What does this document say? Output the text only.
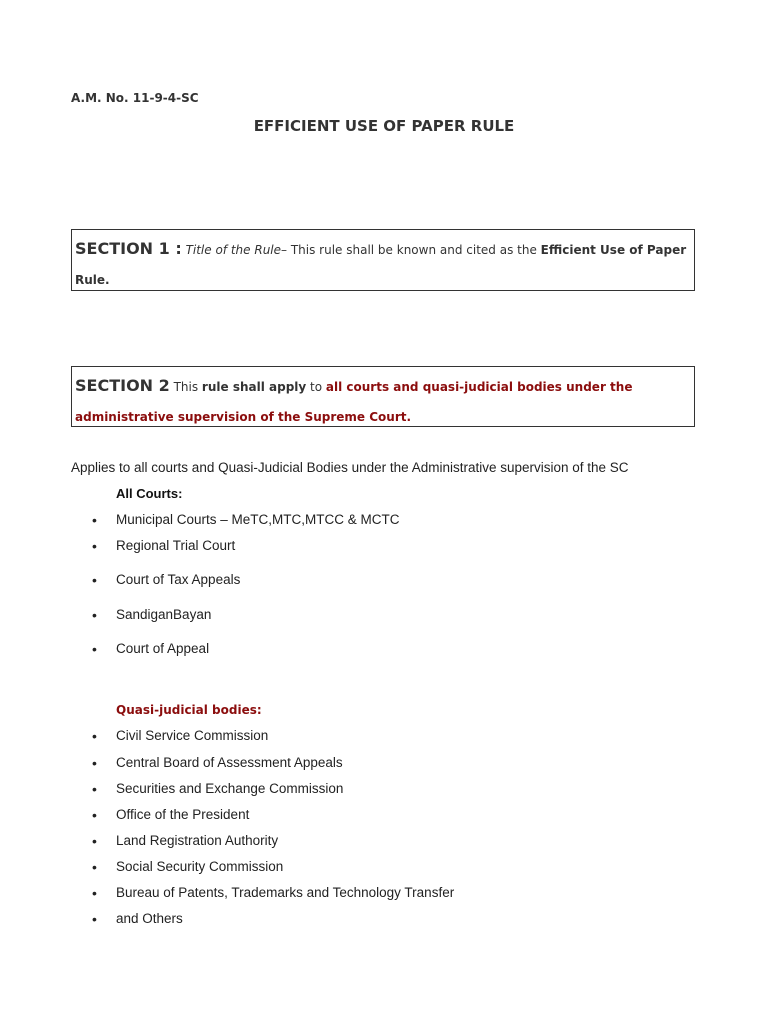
A.M. No. 11-9-4-SC
EFFICIENT USE OF PAPER RULE
SECTION 1 : Title of the Rule– This rule shall be known and cited as the Efficient Use of Paper
Rule.
SECTION 2 This rule shall apply to all courts and quasi-judicial bodies under the
administrative supervision of the Supreme Court.
Applies to all courts and Quasi-Judicial Bodies under the Administrative supervision of the SC
All Courts:
• Municipal Courts – MeTC,MTC,MTCC & MCTC
• Regional Trial Court
• Court of Tax Appeals
• SandiganBayan
• Court of Appeal
Quasi-judicial bodies:
• Civil Service Commission
• Central Board of Assessment Appeals
• Securities and Exchange Commission
• Office of the President
• Land Registration Authority
• Social Security Commission
• Bureau of Patents, Trademarks and Technology Transfer
• and Others
